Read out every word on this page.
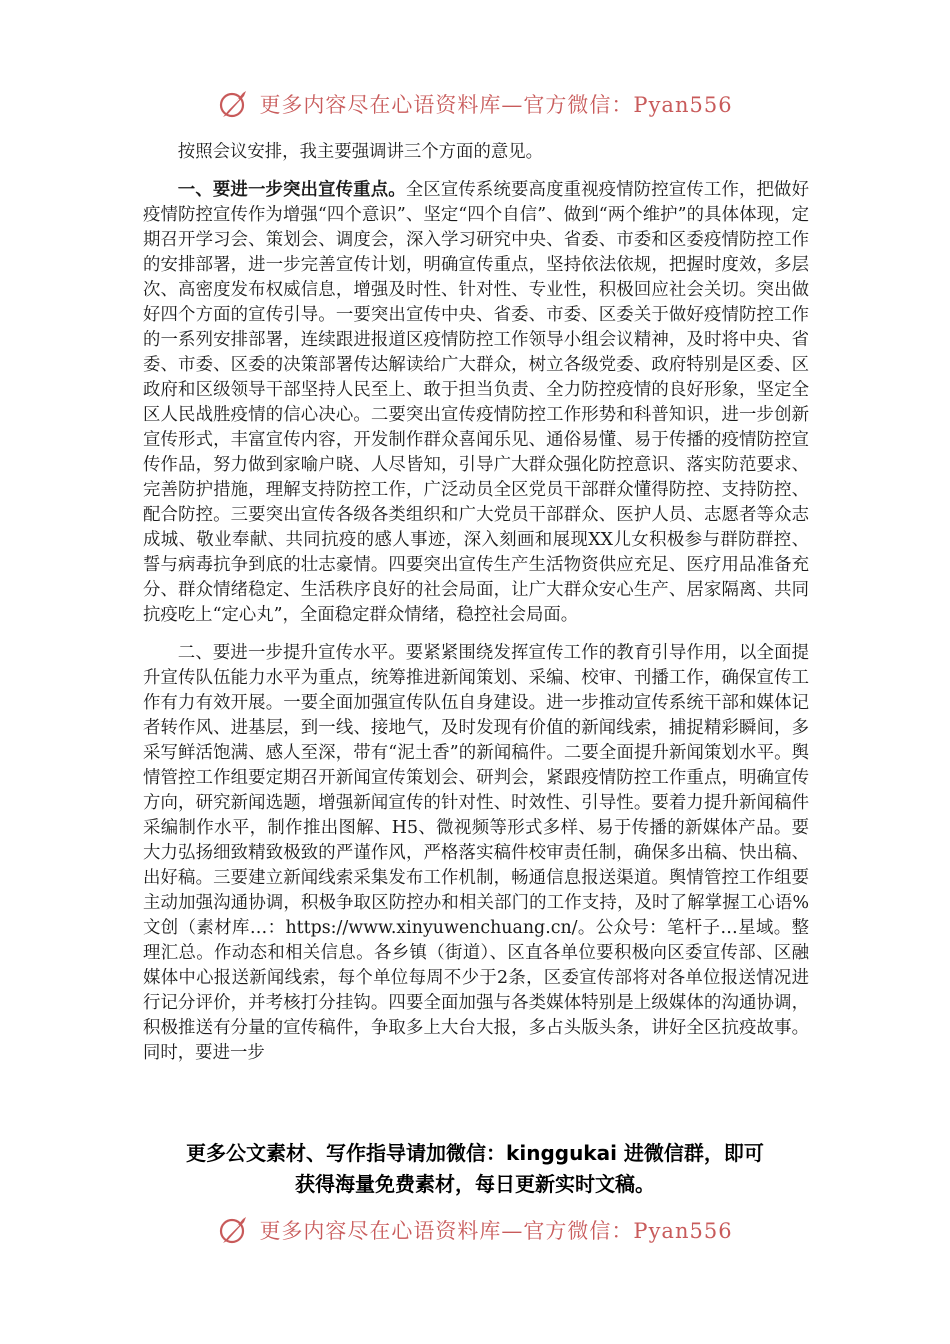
更多内容尽在心语资料库—官方微信：Pyan556

按照会议安排，我主要强调讲三个方面的意见。

一、要进一步突出宣传重点。全区宣传系统要高度重视疫情防控宣传工作，把做好疫情防控宣传作为增强“四个意识”、坚定“四个自信”、做到“两个维护”的具体体现，定期召开学习会、策划会、调度会，深入学习研究中央、省委、市委和区委疫情防控工作的安排部署，进一步完善宣传计划，明确宣传重点，坚持依法依规，把握时度效，多层次、高密度发布权威信息，增强及时性、针对性、专业性，积极回应社会关切。突出做好四个方面的宣传引导。一要突出宣传中央、省委、市委、区委关于做好疫情防控工作的一系列安排部署，连续跟进报道区疫情防控工作领导小组会议精神，及时将中央、省委、市委、区委的决策部署传达解读给广大群众，树立各级党委、政府特别是区委、区政府和区级领导干部坚持人民至上、敢于担当负责、全力防控疫情的良好形象，坚定全区人民战胜疫情的信心决心。二要突出宣传疫情防控工作形势和科普知识，进一步创新宣传形式，丰富宣传内容，开发制作群众喜闻乐见、通俗易懂、易于传播的疫情防控宣传作品，努力做到家喻户晓、人尽皆知，引导广大群众强化防控意识、落实防范要求、完善防护措施，理解支持防控工作，广泛动员全区党员干部群众懂得防控、支持防控、配合防控。三要突出宣传各级各类组织和广大党员干部群众、医护人员、志愿者等众志成城、敬业奉献、共同抗疫的感人事迹，深入刻画和展现XX儿女积极参与群防群控、誓与病毒抗争到底的壮志豪情。四要突出宣传生产生活物资供应充足、医疗用品准备充分、群众情绪稳定、生活秩序良好的社会局面，让广大群众安心生产、居家隔离、共同抗疫吃上“定心丸”，全面稳定群众情绪，稳控社会局面。

二、要进一步提升宣传水平。要紧紧围绕发挥宣传工作的教育引导作用，以全面提升宣传队伍能力水平为重点，统筹推进新闻策划、采编、校审、刊播工作，确保宣传工作有力有效开展。一要全面加强宣传队伍自身建设。进一步推动宣传系统干部和媒体记者转作风、进基层，到一线、接地气，及时发现有价值的新闻线索，捕捉精彩瞬间，多采写鲜活饱满、感人至深，带有“泥土香”的新闻稿件。二要全面提升新闻策划水平。舆情管控工作组要定期召开新闻宣传策划会、研判会，紧跟疫情防控工作重点，明确宣传方向，研究新闻选题，增强新闻宣传的针对性、时效性、引导性。要着力提升新闻稿件采编制作水平，制作推出图解、H5、微视频等形式多样、易于传播的新媒体产品。要大力弘扬细致精致极致的严谨作风，严格落实稿件校审责任制，确保多出稿、快出稿、出好稿。三要建立新闻线索采集发布工作机制，畅通信息报送渠道。舆情管控工作组要主动加强沟通协调，积极争取区防控办和相关部门的工作支持，及时了解掌握工心语%文创（素材库…：https://www.xinyuwenchuang.cn/。公众号：笔杆子…星域。整理汇总。作动态和相关信息。各乡镇（街道）、区直各单位要积极向区委宣传部、区融媒体中心报送新闻线索，每个单位每周不少于2条，区委宣传部将对各单位报送情况进行记分评价，并考核打分挂钩。四要全面加强与各类媒体特别是上级媒体的沟通协调，积极推送有分量的宣传稿件，争取多上大台大报，多占头版头条，讲好全区抗疫故事。同时，要进一步

更多公文素材、写作指导请加微信：kinggukai 进微信群，即可
获得海量免费素材，每日更新实时文稿。
更多内容尽在心语资料库—官方微信：Pyan556
